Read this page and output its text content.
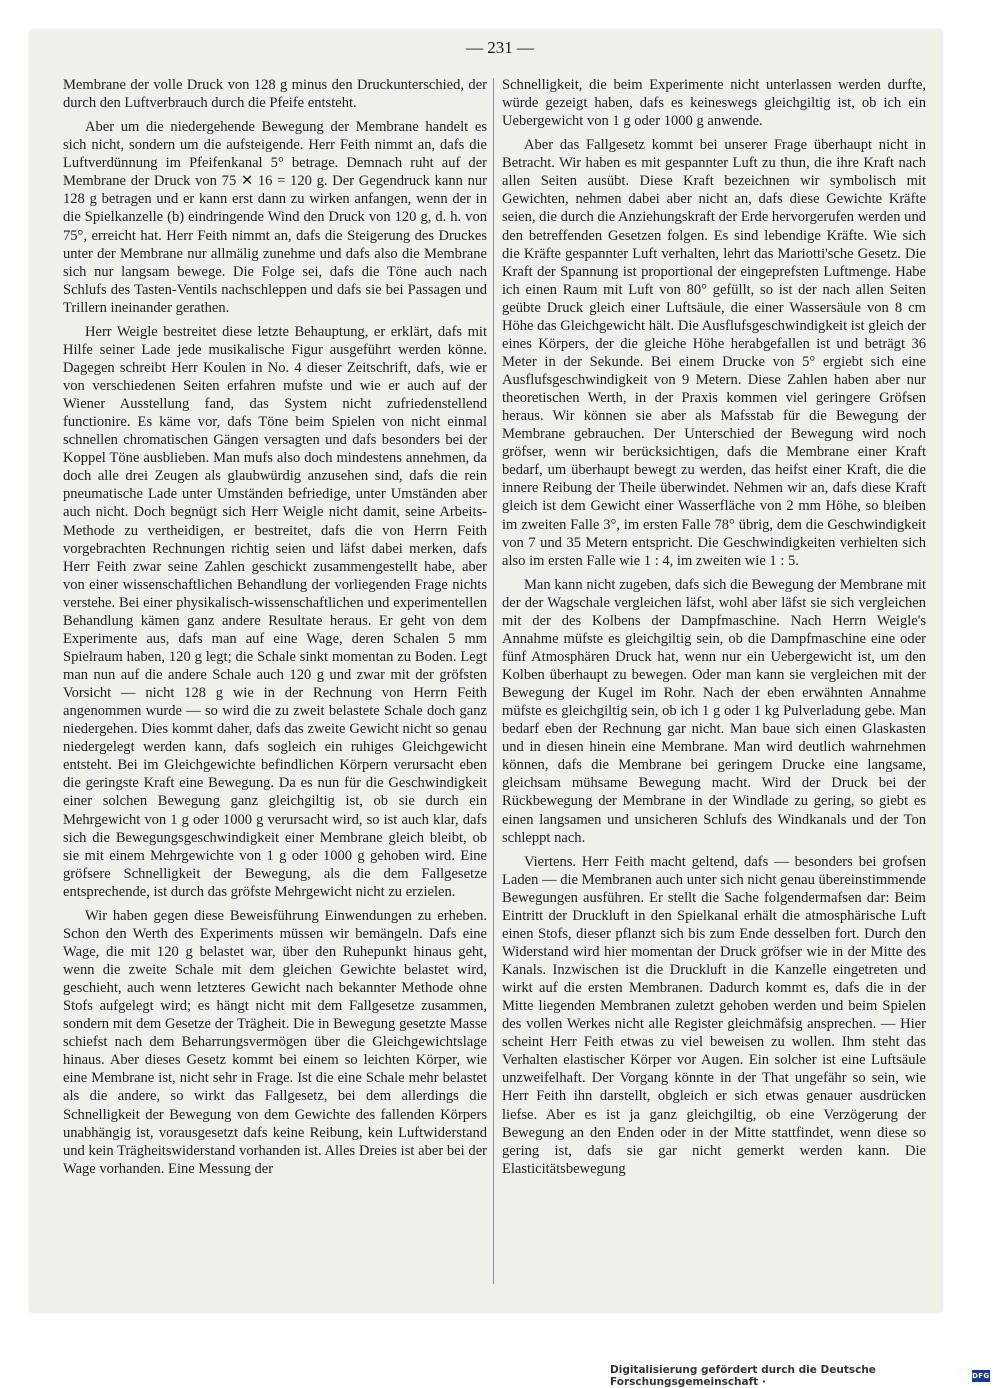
— 231 —

Membrane der volle Druck von 128 g minus den Druckunterschied, der durch den Luftverbrauch durch die Pfeife entsteht.

Aber um die niedergehende Bewegung der Membrane handelt es sich nicht, sondern um die aufsteigende. Herr Feith nimmt an, dafs die Luftverdünnung im Pfeifenkanal 5° betrage. Demnach ruht auf der Membrane der Druck von 75 ✕ 16 = 120 g. Der Gegendruck kann nur 128 g betragen und er kann erst dann zu wirken anfangen, wenn der in die Spielkanzelle (b) eindringende Wind den Druck von 120 g, d. h. von 75°, erreicht hat. Herr Feith nimmt an, dafs die Steigerung des Druckes unter der Membrane nur allmälig zunehme und dafs also die Membrane sich nur langsam bewege. Die Folge sei, dafs die Töne auch nach Schlufs des Tasten-Ventils nachschleppen und dafs sie bei Passagen und Trillern ineinander gerathen.

Herr Weigle bestreitet diese letzte Behauptung, er erklärt, dafs mit Hilfe seiner Lade jede musikalische Figur ausgeführt werden könne. Dagegen schreibt Herr Koulen in No. 4 dieser Zeitschrift, dafs, wie er von verschiedenen Seiten erfahren mufste und wie er auch auf der Wiener Ausstellung fand, das System nicht zufriedenstellend functionire. Es käme vor, dafs Töne beim Spielen von nicht einmal schnellen chromatischen Gängen versagten und dafs besonders bei der Koppel Töne ausblieben. Man mufs also doch mindestens annehmen, da doch alle drei Zeugen als glaubwürdig anzusehen sind, dafs die rein pneumatische Lade unter Umständen befriedige, unter Umständen aber auch nicht. Doch begnügt sich Herr Weigle nicht damit, seine Arbeits-Methode zu vertheidigen, er bestreitet, dafs die von Herrn Feith vorgebrachten Rechnungen richtig seien und läfst dabei merken, dafs Herr Feith zwar seine Zahlen geschickt zusammengestellt habe, aber von einer wissenschaftlichen Behandlung der vorliegenden Frage nichts verstehe. Bei einer physikalisch-wissenschaftlichen und experimentellen Behandlung kämen ganz andere Resultate heraus. Er geht von dem Experimente aus, dafs man auf eine Wage, deren Schalen 5 mm Spielraum haben, 120 g legt; die Schale sinkt momentan zu Boden. Legt man nun auf die andere Schale auch 120 g und zwar mit der gröfsten Vorsicht — nicht 128 g wie in der Rechnung von Herrn Feith angenommen wurde — so wird die zu zweit belastete Schale doch ganz niedergehen. Dies kommt daher, dafs das zweite Gewicht nicht so genau niedergelegt werden kann, dafs sogleich ein ruhiges Gleichgewicht entsteht. Bei im Gleichgewichte befindlichen Körpern verursacht eben die geringste Kraft eine Bewegung. Da es nun für die Geschwindigkeit einer solchen Bewegung ganz gleichgiltig ist, ob sie durch ein Mehrgewicht von 1 g oder 1000 g verursacht wird, so ist auch klar, dafs sich die Bewegungsgeschwindigkeit einer Membrane gleich bleibt, ob sie mit einem Mehrgewichte von 1 g oder 1000 g gehoben wird. Eine gröfsere Schnelligkeit der Bewegung, als die dem Fallgesetze entsprechende, ist durch das gröfste Mehrgewicht nicht zu erzielen.

Wir haben gegen diese Beweisführung Einwendungen zu erheben. Schon den Werth des Experiments müssen wir bemängeln. Dafs eine Wage, die mit 120 g belastet war, über den Ruhepunkt hinaus geht, wenn die zweite Schale mit dem gleichen Gewichte belastet wird, geschieht, auch wenn letzteres Gewicht nach bekannter Methode ohne Stofs aufgelegt wird; es hängt nicht mit dem Fallgesetze zusammen, sondern mit dem Gesetze der Trägheit. Die in Bewegung gesetzte Masse schiefst nach dem Beharrungsvermögen über die Gleichgewichtslage hinaus. Aber dieses Gesetz kommt bei einem so leichten Körper, wie eine Membrane ist, nicht sehr in Frage. Ist die eine Schale mehr belastet als die andere, so wirkt das Fallgesetz, bei dem allerdings die Schnelligkeit der Bewegung von dem Gewichte des fallenden Körpers unabhängig ist, vorausgesetzt dafs keine Reibung, kein Luftwiderstand und kein Trägheitswiderstand vorhanden ist. Alles Dreies ist aber bei der Wage vorhanden. Eine Messung der

Schnelligkeit, die beim Experimente nicht unterlassen werden durfte, würde gezeigt haben, dafs es keineswegs gleichgiltig ist, ob ich ein Uebergewicht von 1 g oder 1000 g anwende.

Aber das Fallgesetz kommt bei unserer Frage überhaupt nicht in Betracht. Wir haben es mit gespannter Luft zu thun, die ihre Kraft nach allen Seiten ausübt. Diese Kraft bezeichnen wir symbolisch mit Gewichten, nehmen dabei aber nicht an, dafs diese Gewichte Kräfte seien, die durch die Anziehungskraft der Erde hervorgerufen werden und den betreffenden Gesetzen folgen. Es sind lebendige Kräfte. Wie sich die Kräfte gespannter Luft verhalten, lehrt das Mariotti'sche Gesetz. Die Kraft der Spannung ist proportional der eingeprefsten Luftmenge. Habe ich einen Raum mit Luft von 80° gefüllt, so ist der nach allen Seiten geübte Druck gleich einer Luftsäule, die einer Wassersäule von 8 cm Höhe das Gleichgewicht hält. Die Ausflufsgeschwindigkeit ist gleich der eines Körpers, der die gleiche Höhe herabgefallen ist und beträgt 36 Meter in der Sekunde. Bei einem Drucke von 5° ergiebt sich eine Ausflufsgeschwindigkeit von 9 Metern. Diese Zahlen haben aber nur theoretischen Werth, in der Praxis kommen viel geringere Gröfsen heraus. Wir können sie aber als Mafsstab für die Bewegung der Membrane gebrauchen. Der Unterschied der Bewegung wird noch gröfser, wenn wir berücksichtigen, dafs die Membrane einer Kraft bedarf, um überhaupt bewegt zu werden, das heifst einer Kraft, die die innere Reibung der Theile überwindet. Nehmen wir an, dafs diese Kraft gleich ist dem Gewicht einer Wasserfläche von 2 mm Höhe, so bleiben im zweiten Falle 3°, im ersten Falle 78° übrig, dem die Geschwindigkeit von 7 und 35 Metern entspricht. Die Geschwindigkeiten verhielten sich also im ersten Falle wie 1 : 4, im zweiten wie 1 : 5.

Man kann nicht zugeben, dafs sich die Bewegung der Membrane mit der der Wagschale vergleichen läfst, wohl aber läfst sie sich vergleichen mit der des Kolbens der Dampfmaschine. Nach Herrn Weigle's Annahme müfste es gleichgiltig sein, ob die Dampfmaschine eine oder fünf Atmosphären Druck hat, wenn nur ein Uebergewicht ist, um den Kolben überhaupt zu bewegen. Oder man kann sie vergleichen mit der Bewegung der Kugel im Rohr. Nach der eben erwähnten Annahme müfste es gleichgiltig sein, ob ich 1 g oder 1 kg Pulverladung gebe. Man bedarf eben der Rechnung gar nicht. Man baue sich einen Glaskasten und in diesen hinein eine Membrane. Man wird deutlich wahrnehmen können, dafs die Membrane bei geringem Drucke eine langsame, gleichsam mühsame Bewegung macht. Wird der Druck bei der Rückbewegung der Membrane in der Windlade zu gering, so giebt es einen langsamen und unsicheren Schlufs des Windkanals und der Ton schleppt nach.

Viertens. Herr Feith macht geltend, dafs — besonders bei grofsen Laden — die Membranen auch unter sich nicht genau übereinstimmende Bewegungen ausführen. Er stellt die Sache folgendermafsen dar: Beim Eintritt der Druckluft in den Spielkanal erhält die atmosphärische Luft einen Stofs, dieser pflanzt sich bis zum Ende desselben fort. Durch den Widerstand wird hier momentan der Druck gröfser wie in der Mitte des Kanals. Inzwischen ist die Druckluft in die Kanzelle eingetreten und wirkt auf die ersten Membranen. Dadurch kommt es, dafs die in der Mitte liegenden Membranen zuletzt gehoben werden und beim Spielen des vollen Werkes nicht alle Register gleichmäfsig ansprechen. — Hier scheint Herr Feith etwas zu viel beweisen zu wollen. Ihm steht das Verhalten elastischer Körper vor Augen. Ein solcher ist eine Luftsäule unzweifelhaft. Der Vorgang könnte in der That ungefähr so sein, wie Herr Feith ihn darstellt, obgleich er sich etwas genauer ausdrücken liefse. Aber es ist ja ganz gleichgiltig, ob eine Verzögerung der Bewegung an den Enden oder in der Mitte stattfindet, wenn diese so gering ist, dafs sie gar nicht gemerkt werden kann. Die Elasticitätsbewegung

Digitalisierung gefördert durch die Deutsche Forschungsgemeinschaft ·	DFG
